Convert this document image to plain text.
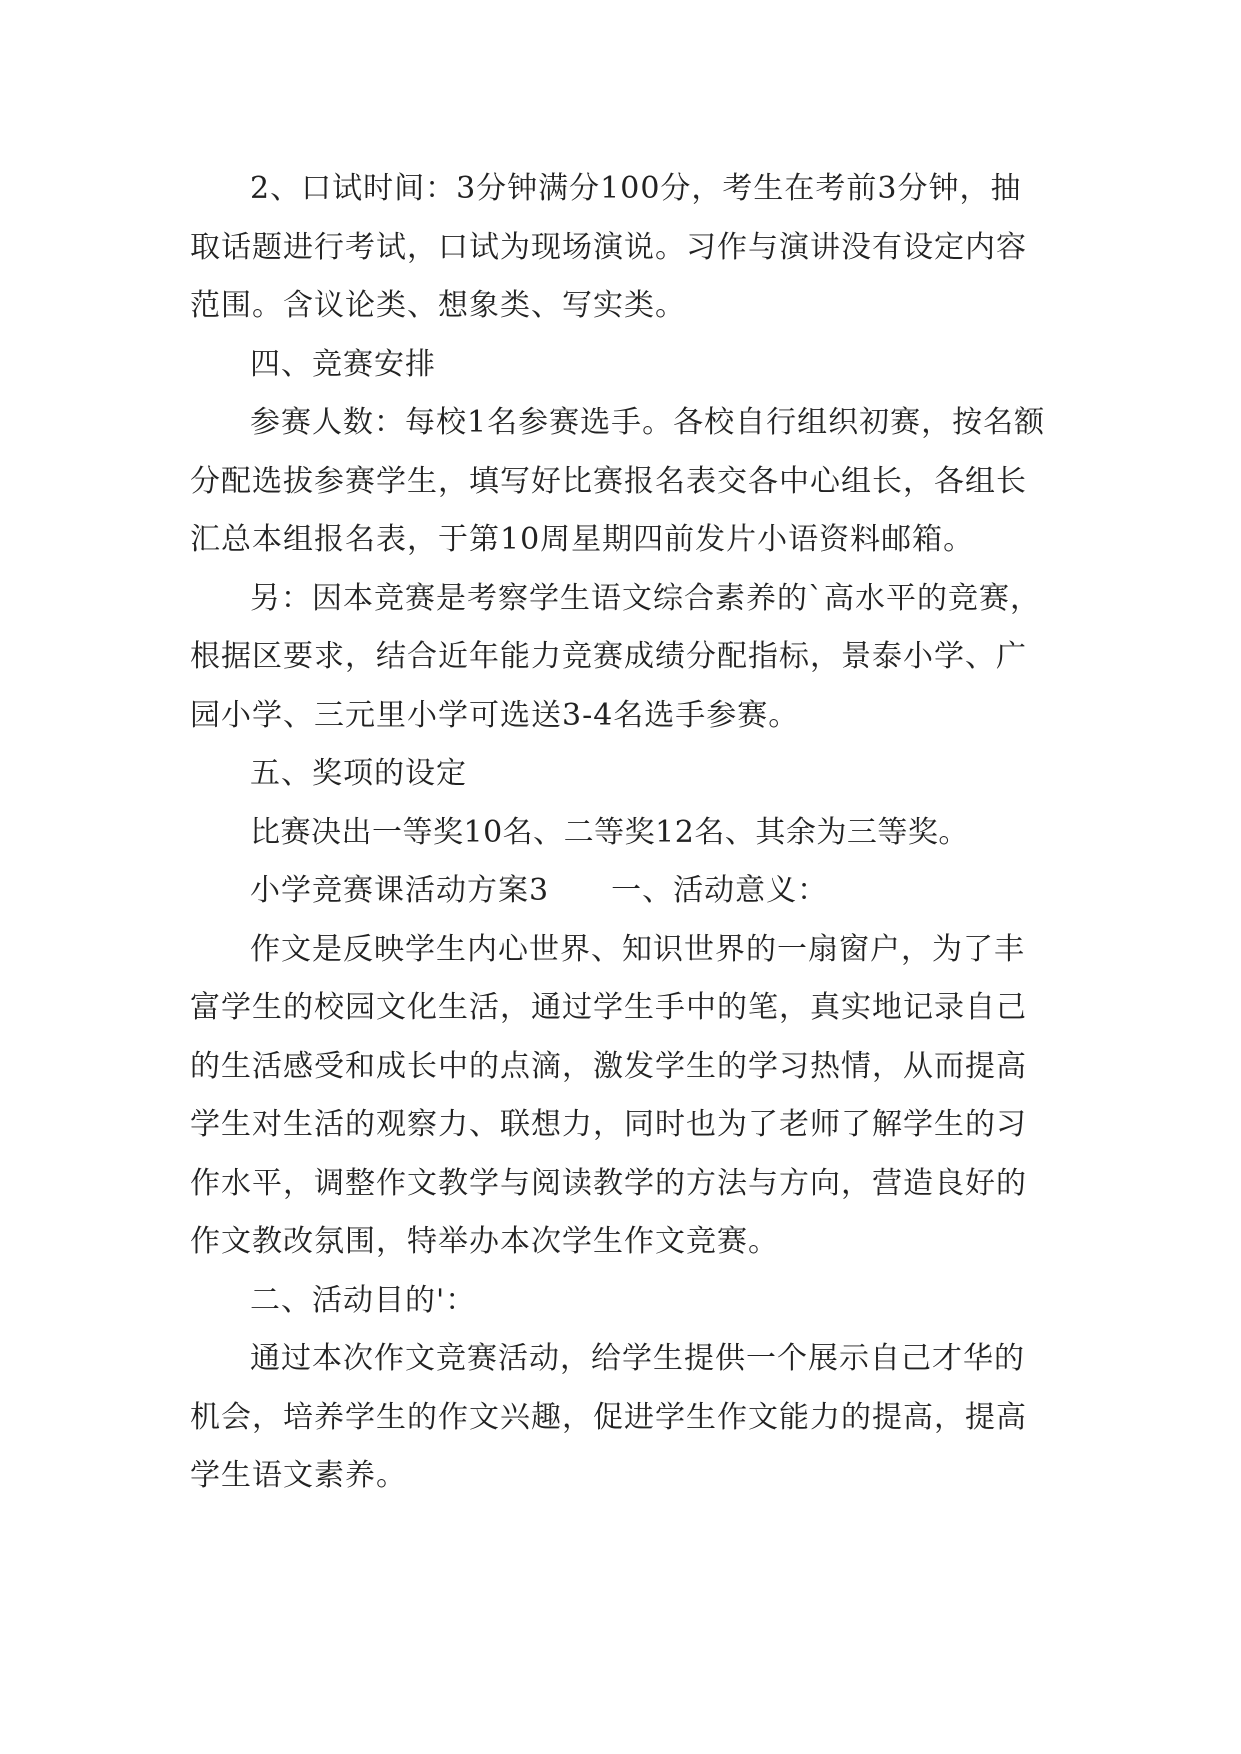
2、口试时间：3分钟满分100分，考生在考前3分钟，抽取话题进行考试，口试为现场演说。习作与演讲没有设定内容范围。含议论类、想象类、写实类。

四、竞赛安排

参赛人数：每校1名参赛选手。各校自行组织初赛，按名额分配选拔参赛学生，填写好比赛报名表交各中心组长，各组长汇总本组报名表，于第10周星期四前发片小语资料邮箱。

另：因本竞赛是考察学生语文综合素养的`高水平的竞赛，根据区要求，结合近年能力竞赛成绩分配指标，景泰小学、广园小学、三元里小学可选送3-4名选手参赛。

五、奖项的设定

比赛决出一等奖10名、二等奖12名、其余为三等奖。

小学竞赛课活动方案3　　一、活动意义：

作文是反映学生内心世界、知识世界的一扇窗户，为了丰富学生的校园文化生活，通过学生手中的笔，真实地记录自己的生活感受和成长中的点滴，激发学生的学习热情，从而提高学生对生活的观察力、联想力，同时也为了老师了解学生的习作水平，调整作文教学与阅读教学的方法与方向，营造良好的作文教改氛围，特举办本次学生作文竞赛。

二、活动目的'：

通过本次作文竞赛活动，给学生提供一个展示自己才华的机会，培养学生的作文兴趣，促进学生作文能力的提高，提高学生语文素养。
